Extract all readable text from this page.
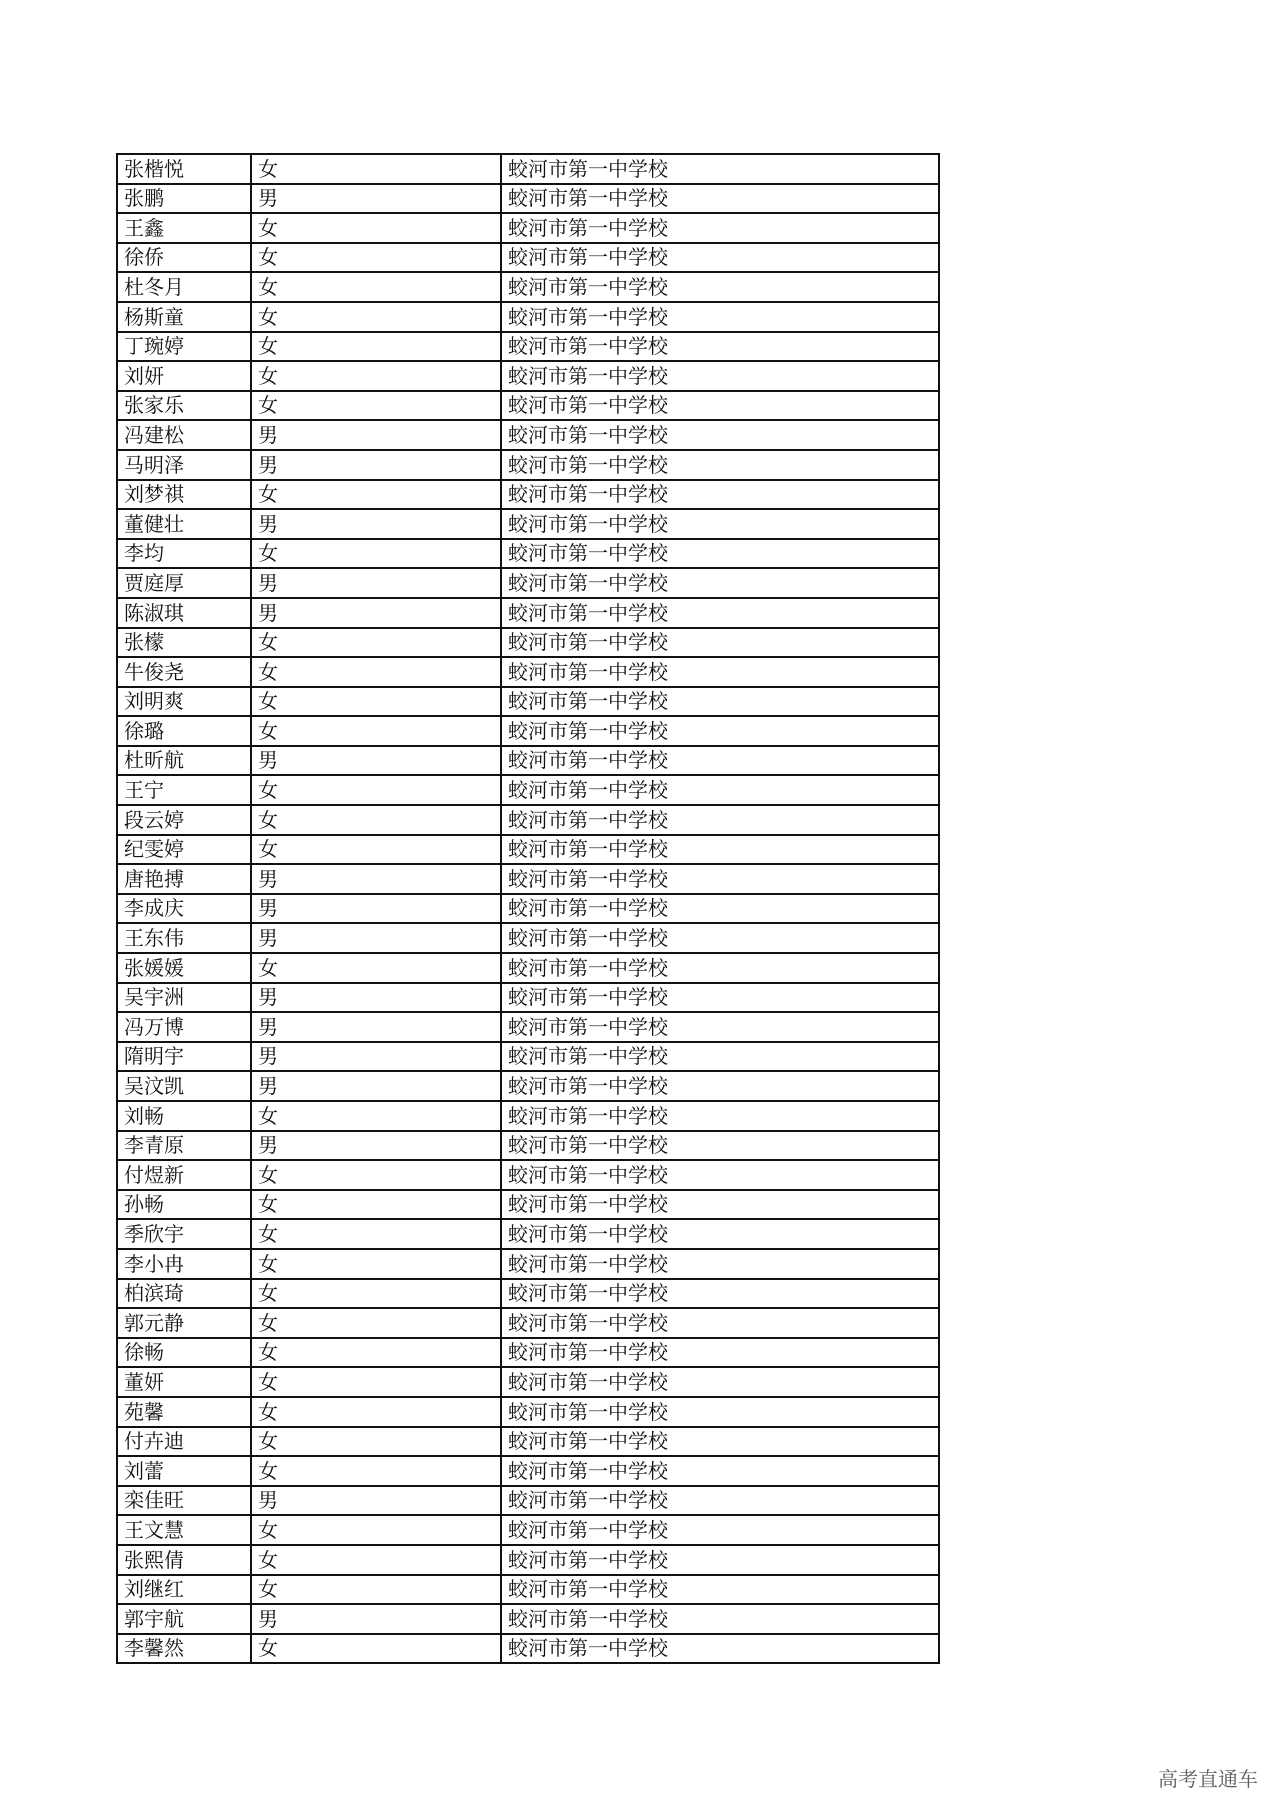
张楷悦	女	蛟河市第一中学校
张鹏	男	蛟河市第一中学校
王鑫	女	蛟河市第一中学校
徐侨	女	蛟河市第一中学校
杜冬月	女	蛟河市第一中学校
杨斯童	女	蛟河市第一中学校
丁琬婷	女	蛟河市第一中学校
刘妍	女	蛟河市第一中学校
张家乐	女	蛟河市第一中学校
冯建松	男	蛟河市第一中学校
马明泽	男	蛟河市第一中学校
刘梦祺	女	蛟河市第一中学校
董健壮	男	蛟河市第一中学校
李均	女	蛟河市第一中学校
贾庭厚	男	蛟河市第一中学校
陈淑琪	男	蛟河市第一中学校
张檬	女	蛟河市第一中学校
牛俊尧	女	蛟河市第一中学校
刘明爽	女	蛟河市第一中学校
徐璐	女	蛟河市第一中学校
杜昕航	男	蛟河市第一中学校
王宁	女	蛟河市第一中学校
段云婷	女	蛟河市第一中学校
纪雯婷	女	蛟河市第一中学校
唐艳搏	男	蛟河市第一中学校
李成庆	男	蛟河市第一中学校
王东伟	男	蛟河市第一中学校
张媛媛	女	蛟河市第一中学校
吴宇洲	男	蛟河市第一中学校
冯万博	男	蛟河市第一中学校
隋明宇	男	蛟河市第一中学校
吴汶凯	男	蛟河市第一中学校
刘畅	女	蛟河市第一中学校
李青原	男	蛟河市第一中学校
付煜新	女	蛟河市第一中学校
孙畅	女	蛟河市第一中学校
季欣宇	女	蛟河市第一中学校
李小冉	女	蛟河市第一中学校
柏滨琦	女	蛟河市第一中学校
郭元静	女	蛟河市第一中学校
徐畅	女	蛟河市第一中学校
董妍	女	蛟河市第一中学校
苑馨	女	蛟河市第一中学校
付卉迪	女	蛟河市第一中学校
刘蕾	女	蛟河市第一中学校
栾佳旺	男	蛟河市第一中学校
王文慧	女	蛟河市第一中学校
张熙倩	女	蛟河市第一中学校
刘继红	女	蛟河市第一中学校
郭宇航	男	蛟河市第一中学校
李馨然	女	蛟河市第一中学校
高考直通车
